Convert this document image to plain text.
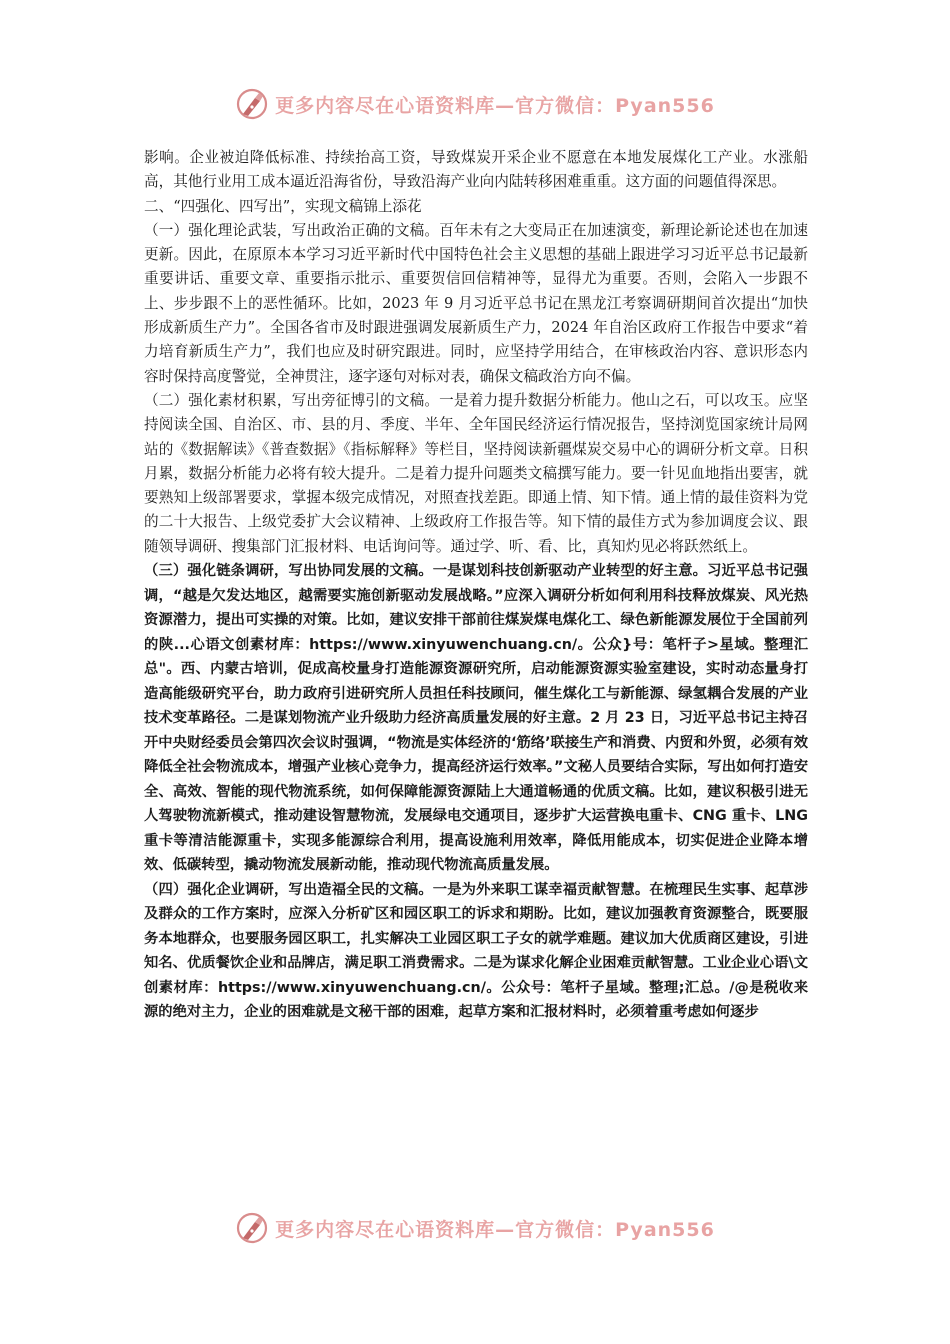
更多内容尽在心语资料库—官方微信：Pyan556

影响。企业被迫降低标准、持续抬高工资，导致煤炭开采企业不愿意在本地发展煤化工产业。水涨船高，其他行业用工成本逼近沿海省份，导致沿海产业向内陆转移困难重重。这方面的问题值得深思。

二、“四强化、四写出”，实现文稿锦上添花

（一）强化理论武装，写出政治正确的文稿。百年未有之大变局正在加速演变，新理论新论述也在加速更新。因此，在原原本本学习习近平新时代中国特色社会主义思想的基础上跟进学习习近平总书记最新重要讲话、重要文章、重要指示批示、重要贺信回信精神等，显得尤为重要。否则，会陷入一步跟不上、步步跟不上的恶性循环。比如，2023 年 9 月习近平总书记在黑龙江考察调研期间首次提出“加快形成新质生产力”。全国各省市及时跟进强调发展新质生产力，2024 年自治区政府工作报告中要求“着力培育新质生产力”，我们也应及时研究跟进。同时，应坚持学用结合，在审核政治内容、意识形态内容时保持高度警觉，全神贯注，逐字逐句对标对表，确保文稿政治方向不偏。

（二）强化素材积累，写出旁征博引的文稿。一是着力提升数据分析能力。他山之石，可以攻玉。应坚持阅读全国、自治区、市、县的月、季度、半年、全年国民经济运行情况报告，坚持浏览国家统计局网站的《数据解读》《普查数据》《指标解释》等栏目，坚持阅读新疆煤炭交易中心的调研分析文章。日积月累，数据分析能力必将有较大提升。二是着力提升问题类文稿撰写能力。要一针见血地指出要害，就要熟知上级部署要求，掌握本级完成情况，对照查找差距。即通上情、知下情。通上情的最佳资料为党的二十大报告、上级党委扩大会议精神、上级政府工作报告等。知下情的最佳方式为参加调度会议、跟随领导调研、搜集部门汇报材料、电话询问等。通过学、听、看、比，真知灼见必将跃然纸上。

（三）强化链条调研，写出协同发展的文稿。一是谋划科技创新驱动产业转型的好主意。习近平总书记强调，“越是欠发达地区，越需要实施创新驱动发展战略。”应深入调研分析如何利用科技释放煤炭、风光热资源潜力，提出可实操的对策。比如，建议安排干部前往煤炭煤电煤化工、绿色新能源发展位于全国前列的陕...心语文创素材库：https://www.xinyuwenchuang.cn/。公众}号：笔杆子>星域。整理汇总"。西、内蒙古培训，促成高校量身打造能源资源研究所，启动能源资源实验室建设，实时动态量身打造高能级研究平台，助力政府引进研究所人员担任科技顾问，催生煤化工与新能源、绿氢耦合发展的产业技术变革路径。二是谋划物流产业升级助力经济高质量发展的好主意。2 月 23 日，习近平总书记主持召开中央财经委员会第四次会议时强调，“物流是实体经济的‘筋络’联接生产和消费、内贸和外贸，必须有效降低全社会物流成本，增强产业核心竞争力，提高经济运行效率。”文秘人员要结合实际，写出如何打造安全、高效、智能的现代物流系统，如何保障能源资源陆上大通道畅通的优质文稿。比如，建议积极引进无人驾驶物流新模式，推动建设智慧物流，发展绿电交通项目，逐步扩大运营换电重卡、CNG 重卡、LNG 重卡等清洁能源重卡，实现多能源综合利用，提高设施利用效率，降低用能成本，切实促进企业降本增效、低碳转型，撬动物流发展新动能，推动现代物流高质量发展。

（四）强化企业调研，写出造福全民的文稿。一是为外来职工谋幸福贡献智慧。在梳理民生实事、起草涉及群众的工作方案时，应深入分析矿区和园区职工的诉求和期盼。比如，建议加强教育资源整合，既要服务本地群众，也要服务园区职工，扎实解决工业园区职工子女的就学难题。建议加大优质商区建设，引进知名、优质餐饮企业和品牌店，满足职工消费需求。二是为谋求化解企业困难贡献智慧。工业企业心语\文创素材库：https://www.xinyuwenchuang.cn/。公众号：笔杆子星域。整理;汇总。/@是税收来源的绝对主力，企业的困难就是文秘干部的困难，起草方案和汇报材料时，必须着重考虑如何逐步

更多内容尽在心语资料库—官方微信：Pyan556
